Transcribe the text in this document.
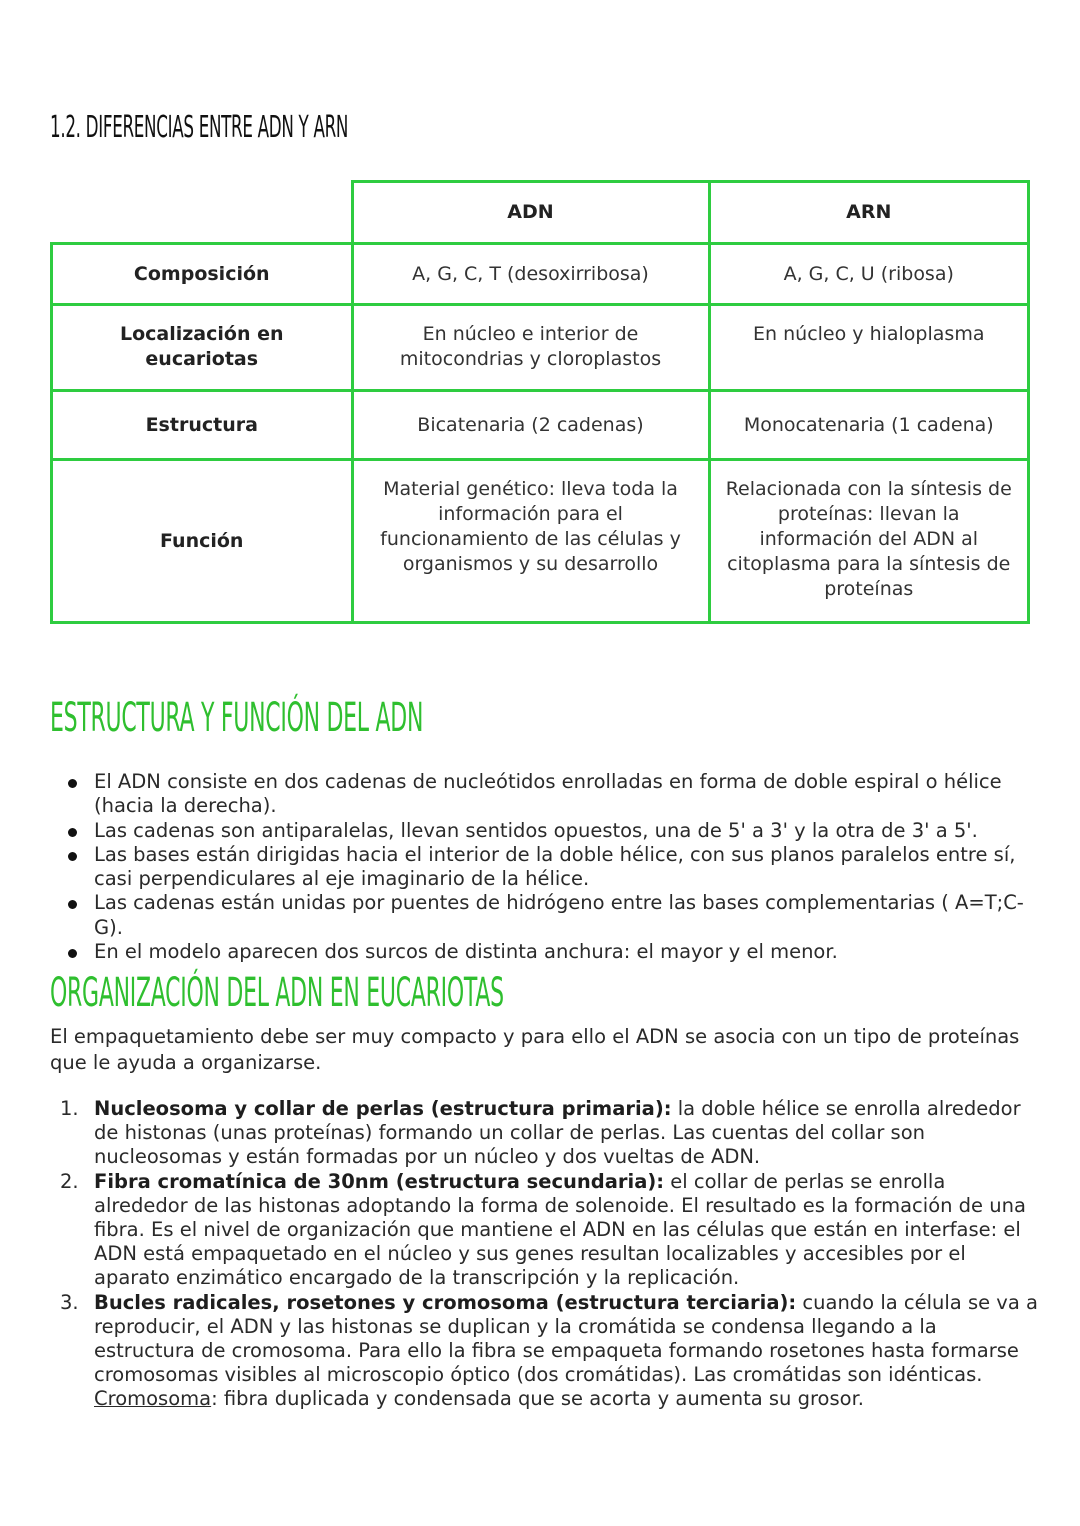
1.2. DIFERENCIAS ENTRE ADN Y ARN
	ADN	ARN
Composición	A, G, C, T (desoxirribosa)	A, G, C, U (ribosa)
Localización en eucariotas	En núcleo e interior de mitocondrias y cloroplastos	En núcleo y hialoplasma
Estructura	Bicatenaria (2 cadenas)	Monocatenaria (1 cadena)
Función	Material genético: lleva toda la información para el funcionamiento de las células y organismos y su desarrollo	Relacionada con la síntesis de proteínas: llevan la información del ADN al citoplasma para la síntesis de proteínas
ESTRUCTURA Y FUNCIÓN DEL ADN
El ADN consiste en dos cadenas de nucleótidos enrolladas en forma de doble espiral o hélice (hacia la derecha).
Las cadenas son antiparalelas, llevan sentidos opuestos, una de 5' a 3' y la otra de 3' a 5'.
Las bases están dirigidas hacia el interior de la doble hélice, con sus planos paralelos entre sí, casi perpendiculares al eje imaginario de la hélice.
Las cadenas están unidas por puentes de hidrógeno entre las bases complementarias ( A=T;C-G).
En el modelo aparecen dos surcos de distinta anchura: el mayor y el menor.
ORGANIZACIÓN DEL ADN EN EUCARIOTAS

El empaquetamiento debe ser muy compacto y para ello el ADN se asocia con un tipo de proteínas que le ayuda a organizarse.

1. Nucleosoma y collar de perlas (estructura primaria): la doble hélice se enrolla alrededor de histonas (unas proteínas) formando un collar de perlas. Las cuentas del collar son nucleosomas y están formadas por un núcleo y dos vueltas de ADN.
2. Fibra cromatínica de 30nm (estructura secundaria): el collar de perlas se enrolla alrededor de las histonas adoptando la forma de solenoide. El resultado es la formación de una fibra. Es el nivel de organización que mantiene el ADN en las células que están en interfase: el ADN está empaquetado en el núcleo y sus genes resultan localizables y accesibles por el aparato enzimático encargado de la transcripción y la replicación.
3. Bucles radicales, rosetones y cromosoma (estructura terciaria): cuando la célula se va a reproducir, el ADN y las histonas se duplican y la cromátida se condensa llegando a la estructura de cromosoma. Para ello la fibra se empaqueta formando rosetones hasta formarse cromosomas visibles al microscopio óptico (dos cromátidas). Las cromátidas son idénticas.
Cromosoma: fibra duplicada y condensada que se acorta y aumenta su grosor.
